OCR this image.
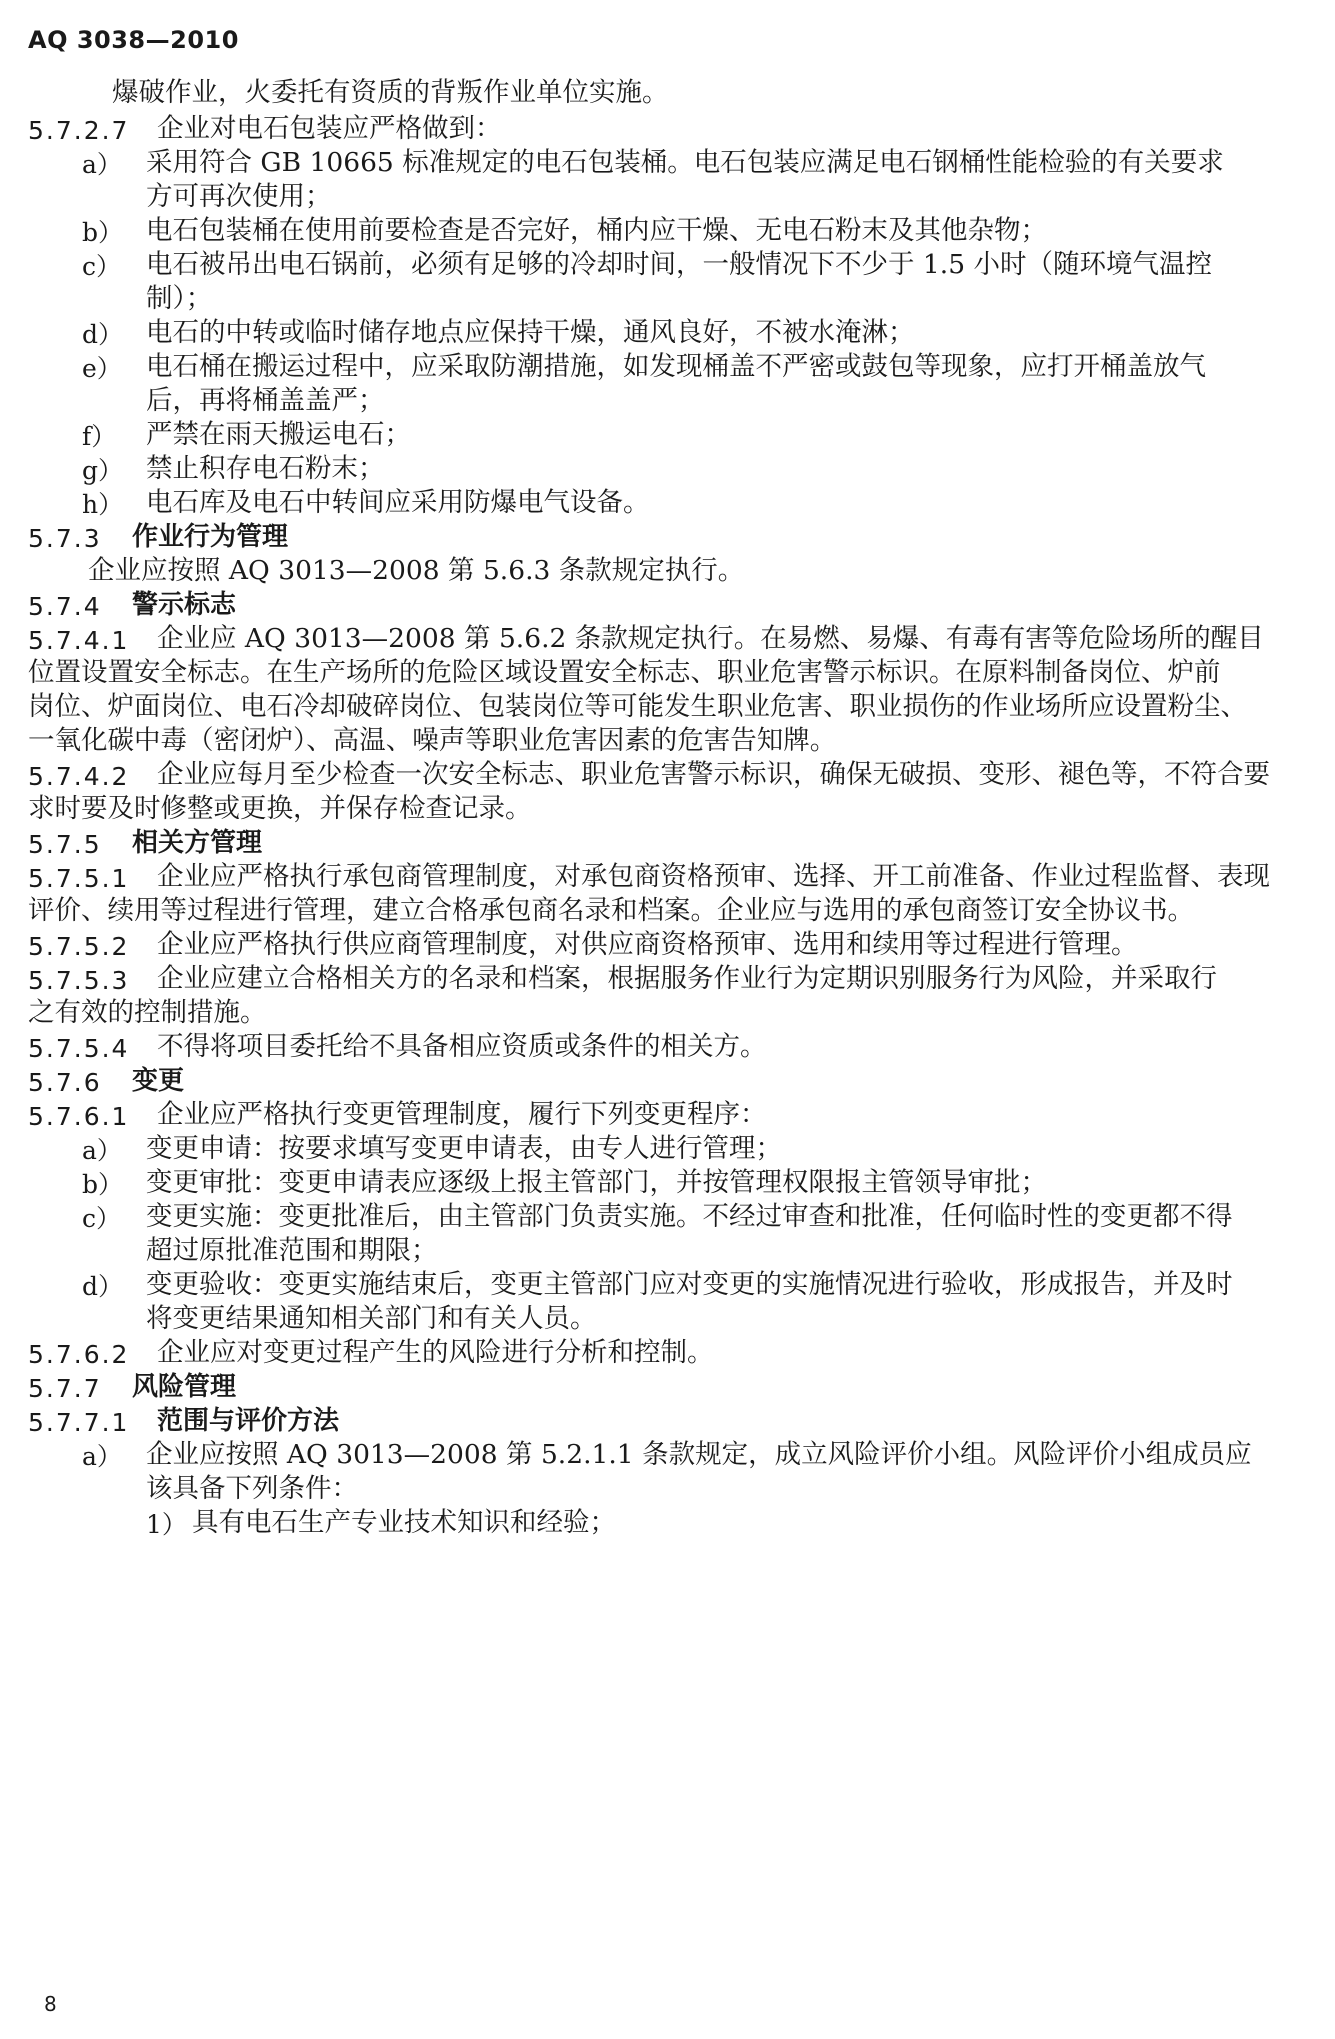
AQ 3038—2010
爆破作业，火委托有资质的背叛作业单位实施。
5.7.2.7 企业对电石包装应严格做到：
a） 采用符合 GB 10665 标准规定的电石包装桶。电石包装应满足电石钢桶性能检验的有关要求
方可再次使用；
b） 电石包装桶在使用前要检查是否完好，桶内应干燥、无电石粉末及其他杂物；
c） 电石被吊出电石锅前，必须有足够的冷却时间，一般情况下不少于 1.5 小时（随环境气温控
制）；
d） 电石的中转或临时储存地点应保持干燥，通风良好，不被水淹淋；
e） 电石桶在搬运过程中，应采取防潮措施，如发现桶盖不严密或鼓包等现象，应打开桶盖放气
后，再将桶盖盖严；
f） 严禁在雨天搬运电石；
g） 禁止积存电石粉末；
h） 电石库及电石中转间应采用防爆电气设备。
5.7.3 作业行为管理
企业应按照 AQ 3013—2008 第 5.6.3 条款规定执行。
5.7.4 警示标志
5.7.4.1 企业应 AQ 3013—2008 第 5.6.2 条款规定执行。在易燃、易爆、有毒有害等危险场所的醒目
位置设置安全标志。在生产场所的危险区域设置安全标志、职业危害警示标识。在原料制备岗位、炉前
岗位、炉面岗位、电石冷却破碎岗位、包装岗位等可能发生职业危害、职业损伤的作业场所应设置粉尘、
一氧化碳中毒（密闭炉）、高温、噪声等职业危害因素的危害告知牌。
5.7.4.2 企业应每月至少检查一次安全标志、职业危害警示标识，确保无破损、变形、褪色等，不符合要
求时要及时修整或更换，并保存检查记录。
5.7.5 相关方管理
5.7.5.1 企业应严格执行承包商管理制度，对承包商资格预审、选择、开工前准备、作业过程监督、表现
评价、续用等过程进行管理，建立合格承包商名录和档案。企业应与选用的承包商签订安全协议书。
5.7.5.2 企业应严格执行供应商管理制度，对供应商资格预审、选用和续用等过程进行管理。
5.7.5.3 企业应建立合格相关方的名录和档案，根据服务作业行为定期识别服务行为风险，并采取行
之有效的控制措施。
5.7.5.4 不得将项目委托给不具备相应资质或条件的相关方。
5.7.6 变更
5.7.6.1 企业应严格执行变更管理制度，履行下列变更程序：
a） 变更申请：按要求填写变更申请表，由专人进行管理；
b） 变更审批：变更申请表应逐级上报主管部门，并按管理权限报主管领导审批；
c） 变更实施：变更批准后，由主管部门负责实施。不经过审查和批准，任何临时性的变更都不得
超过原批准范围和期限；
d） 变更验收：变更实施结束后，变更主管部门应对变更的实施情况进行验收，形成报告，并及时
将变更结果通知相关部门和有关人员。
5.7.6.2 企业应对变更过程产生的风险进行分析和控制。
5.7.7 风险管理
5.7.7.1 范围与评价方法
a） 企业应按照 AQ 3013—2008 第 5.2.1.1 条款规定，成立风险评价小组。风险评价小组成员应
该具备下列条件：
1） 具有电石生产专业技术知识和经验；
8
